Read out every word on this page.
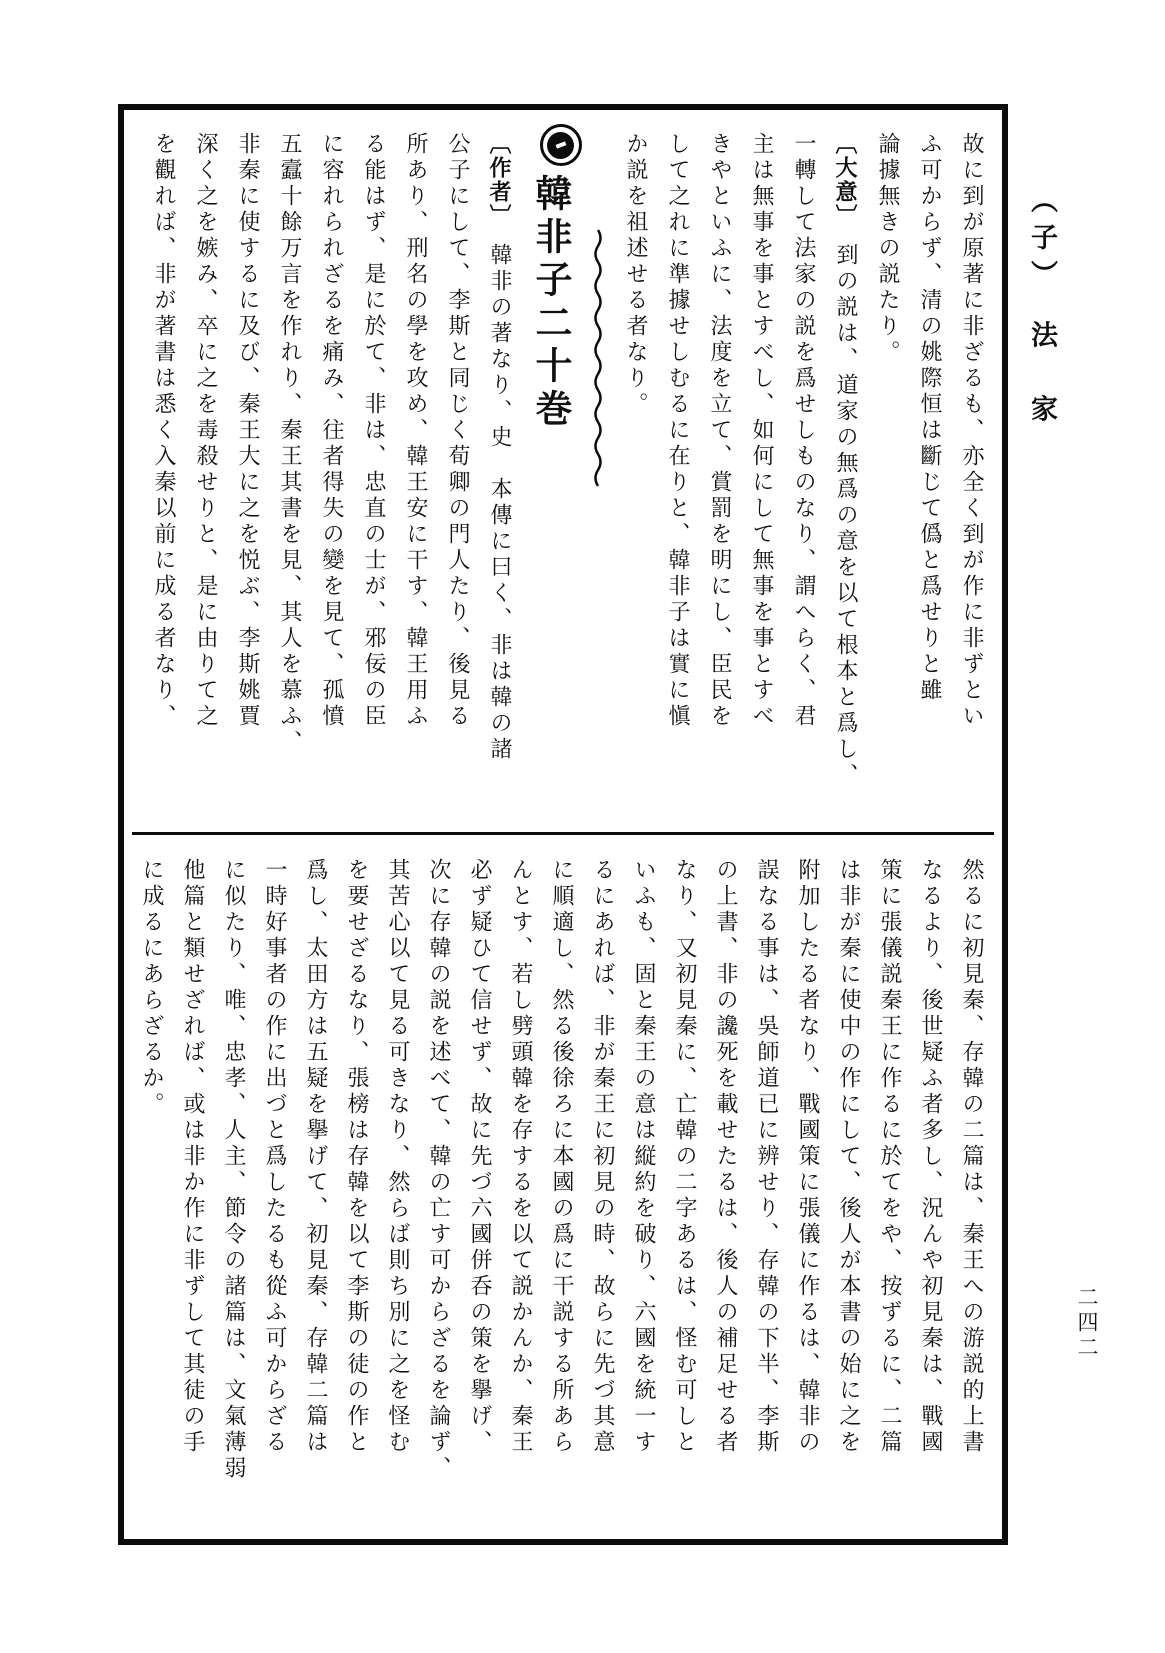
（子）　法　家
二四二

故に到が原著に非ざるも、亦全く到が作に非ずとい

ふ可からず、清の姚際恒は斷じて僞と爲せりと雖

論據無きの説たり。

〔大意〕　到の説は、道家の無爲の意を以て根本と爲し、

一轉して法家の説を爲せしものなり、謂へらく、君

主は無事を事とすべし、如何にして無事を事とすべ

きやといふに、法度を立て、賞罰を明にし、臣民を

して之れに準據せしむるに在りと、韓非子は實に愼

か説を祖述せる者なり。

韓非子二十巻

〔作者〕　韓非の著なり、史　本傳に曰く、非は韓の諸

公子にして、李斯と同じく荀卿の門人たり、後見る

所あり、刑名の學を攻め、韓王安に干す、韓王用ふ

る能はず、是に於て、非は、忠直の士が、邪佞の臣

に容れられざるを痛み、往者得失の變を見て、孤憤

五蠧十餘万言を作れり、秦王其書を見、其人を慕ふ、

非秦に使するに及び、秦王大に之を悦ぶ、李斯姚賈

深く之を嫉み、卒に之を毒殺せりと、是に由りて之

を觀れば、非が著書は悉く入秦以前に成る者なり、

然るに初見秦、存韓の二篇は、秦王への游説的上書

なるより、後世疑ふ者多し、況んや初見秦は、戰國

策に張儀説秦王に作るに於てをや、按ずるに、二篇

は非が秦に使中の作にして、後人が本書の始に之を

附加したる者なり、戰國策に張儀に作るは、韓非の

誤なる事は、吳師道已に辨せり、存韓の下半、李斯

の上書、非の讒死を載せたるは、後人の補足せる者

なり、又初見秦に、亡韓の二字あるは、怪む可しと

いふも、固と秦王の意は縦約を破り、六國を統一す

るにあれば、非が秦王に初見の時、故らに先づ其意

に順適し、然る後徐ろに本國の爲に干説する所あら

んとす、若し劈頭韓を存するを以て説かんか、秦王

必ず疑ひて信せず、故に先づ六國併呑の策を擧げ、

次に存韓の説を述べて、韓の亡す可からざるを論ず、

其苦心以て見る可きなり、然らば則ち別に之を怪む

を要せざるなり、張榜は存韓を以て李斯の徒の作と

爲し、太田方は五疑を擧げて、初見秦、存韓二篇は

一時好事者の作に出づと爲したるも從ふ可からざる

に似たり、唯、忠孝、人主、節令の諸篇は、文氣薄弱

他篇と類せざれば、或は非か作に非ずして其徒の手

に成るにあらざるか。
